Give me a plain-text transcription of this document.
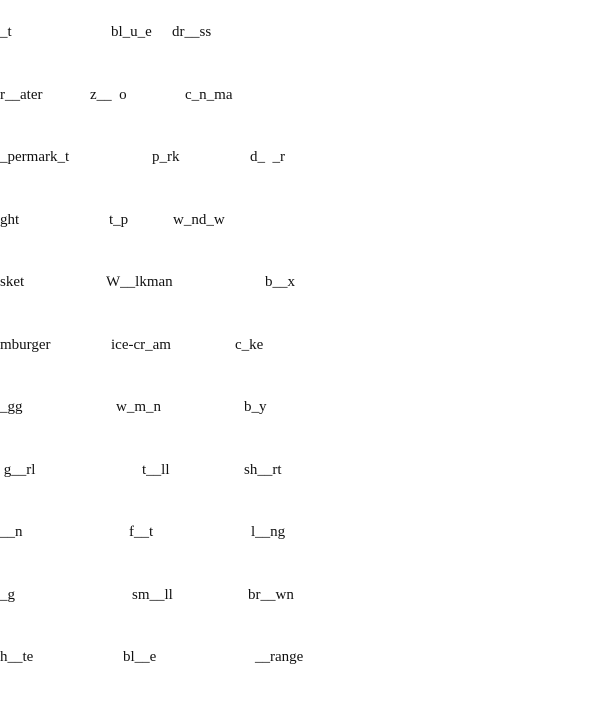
_t	bl_u_e dr__ss
r__ater	z__  o	c_n_ma
_permark_t	p_rk	d_  _r
ght	t_p	w_nd_w
sket	W__lkman	b__x
mburger	ice-cr_am	c_ke
_gg	w_m_n	b_y
g__rl	t__ll	sh__rt
__n	f__t	l__ng
_g	sm__ll	br__wn
h__te	bl__e	__range
